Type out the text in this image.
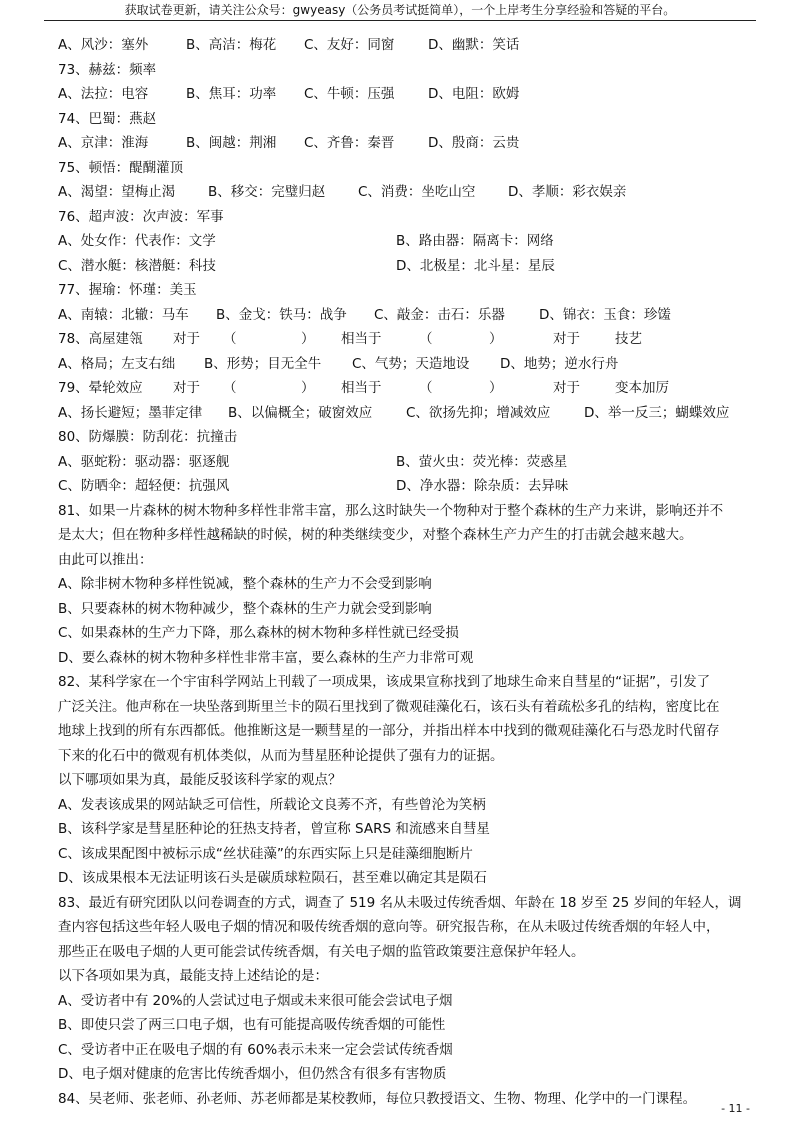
获取试卷更新，请关注公众号：gwyeasy（公务员考试挺简单），一个上岸考生分享经验和答疑的平台。
A、风沙：塞外	B、高洁：梅花 C、友好：同窗 D、幽默：笑话
73、赫兹：频率
A、法拉：电容	B、焦耳：功率 C、牛顿：压强 D、电阻：欧姆
74、巴蜀：燕赵
A、京津：淮海	B、闽越：荆湘 C、齐鲁：秦晋 D、殷商：云贵
75、顿悟：醍醐灌顶
A、渴望：望梅止渴 B、移交：完璧归赵 C、消费：坐吃山空 D、孝顺：彩衣娱亲
76、超声波：次声波：军事
A、处女作：代表作：文学	B、路由器：隔离卡：网络
C、潜水艇：核潜艇：科技	D、北极星：北斗星：星辰
77、握瑜：怀瑾：美玉
A、南辕：北辙：马车 B、金戈：铁马：战争 C、敲金：击石：乐器	D、锦衣：玉食：珍馐
78、高屋建瓴 对于 （	） 相当于	（	）	对于	技艺
A、格局；左支右绌 B、形势；目无全牛 C、气势；天造地设 D、地势；逆水行舟
79、晕轮效应 对于 （	） 相当于	（	）	对于	变本加厉
A、扬长避短；墨菲定律 B、以偏概全；破窗效应 C、欲扬先抑；增减效应 D、举一反三；蝴蝶效应
80、防爆膜：防刮花：抗撞击
A、驱蛇粉：驱动器：驱逐舰	B、萤火虫：荧光棒：荧惑星
C、防晒伞：超轻便：抗强风	D、净水器：除杂质：去异味
81、如果一片森林的树木物种多样性非常丰富，那么这时缺失一个物种对于整个森林的生产力来讲，影响还并不
是太大；但在物种多样性越稀缺的时候，树的种类继续变少，对整个森林生产力产生的打击就会越来越大。
由此可以推出：
A、除非树木物种多样性锐减，整个森林的生产力不会受到影响
B、只要森林的树木物种减少，整个森林的生产力就会受到影响
C、如果森林的生产力下降，那么森林的树木物种多样性就已经受损
D、要么森林的树木物种多样性非常丰富，要么森林的生产力非常可观
82、某科学家在一个宇宙科学网站上刊载了一项成果，该成果宣称找到了地球生命来自彗星的“证据”，引发了
广泛关注。他声称在一块坠落到斯里兰卡的陨石里找到了微观硅藻化石，该石头有着疏松多孔的结构，密度比在
地球上找到的所有东西都低。他推断这是一颗彗星的一部分，并指出样本中找到的微观硅藻化石与恐龙时代留存
下来的化石中的微观有机体类似，从而为彗星胚种论提供了强有力的证据。
以下哪项如果为真，最能反驳该科学家的观点？
A、发表该成果的网站缺乏可信性，所载论文良莠不齐，有些曾沦为笑柄
B、该科学家是彗星胚种论的狂热支持者，曾宣称 SARS 和流感来自彗星
C、该成果配图中被标示成“丝状硅藻”的东西实际上只是硅藻细胞断片
D、该成果根本无法证明该石头是碳质球粒陨石，甚至难以确定其是陨石
83、最近有研究团队以问卷调查的方式，调查了 519 名从未吸过传统香烟、年龄在 18 岁至 25 岁间的年轻人，调
查内容包括这些年轻人吸电子烟的情况和吸传统香烟的意向等。研究报告称，在从未吸过传统香烟的年轻人中，
那些正在吸电子烟的人更可能尝试传统香烟，有关电子烟的监管政策要注意保护年轻人。
以下各项如果为真，最能支持上述结论的是：
A、受访者中有 20%的人尝试过电子烟或未来很可能会尝试电子烟
B、即使只尝了两三口电子烟，也有可能提高吸传统香烟的可能性
C、受访者中正在吸电子烟的有 60%表示未来一定会尝试传统香烟
D、电子烟对健康的危害比传统香烟小，但仍然含有很多有害物质
84、吴老师、张老师、孙老师、苏老师都是某校教师，每位只教授语文、生物、物理、化学中的一门课程。
- 11 -
